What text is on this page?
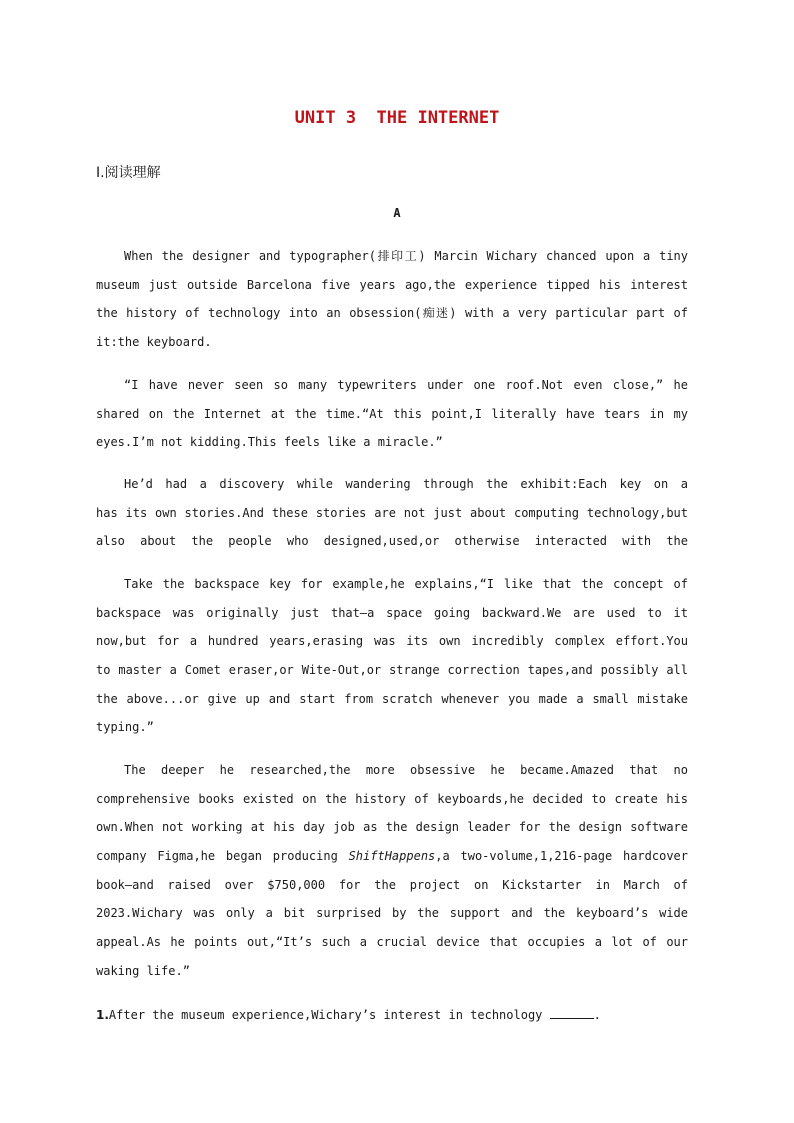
UNIT 3  THE INTERNET
Ⅰ.阅读理解
A
When the designer and typographer(排印工) Marcin Wichary chanced upon a tiny
museum just outside Barcelona five years ago,the experience tipped his interest
the history of technology into an obsession(痴迷) with a very particular part of
it:the keyboard.
“I have never seen so many typewriters under one roof.Not even close,” he
shared on the Internet at the time.“At this point,I literally have tears in my
eyes.I’m not kidding.This feels like a miracle.”
He’d had a discovery while wandering through the exhibit:Each key on a
has its own stories.And these stories are not just about computing technology,but
also about the people who designed,used,or otherwise interacted with the
Take the backspace key for example,he explains,“I like that the concept of
backspace was originally just that—a space going backward.We are used to it
now,but for a hundred years,erasing was its own incredibly complex effort.You
to master a Comet eraser,or Wite-Out,or strange correction tapes,and possibly all
the above...or give up and start from scratch whenever you made a small mistake
typing.”
The deeper he researched,the more obsessive he became.Amazed that no
comprehensive books existed on the history of keyboards,he decided to create his
own.When not working at his day job as the design leader for the design software
company Figma,he began producing ShiftHappens,a two-volume,1,216-page hardcover
book—and raised over $750,000 for the project on Kickstarter in March of
2023.Wichary was only a bit surprised by the support and the keyboard’s wide
appeal.As he points out,“It’s such a crucial device that occupies a lot of our
waking life.”
1.After the museum experience,Wichary’s interest in technology	.
